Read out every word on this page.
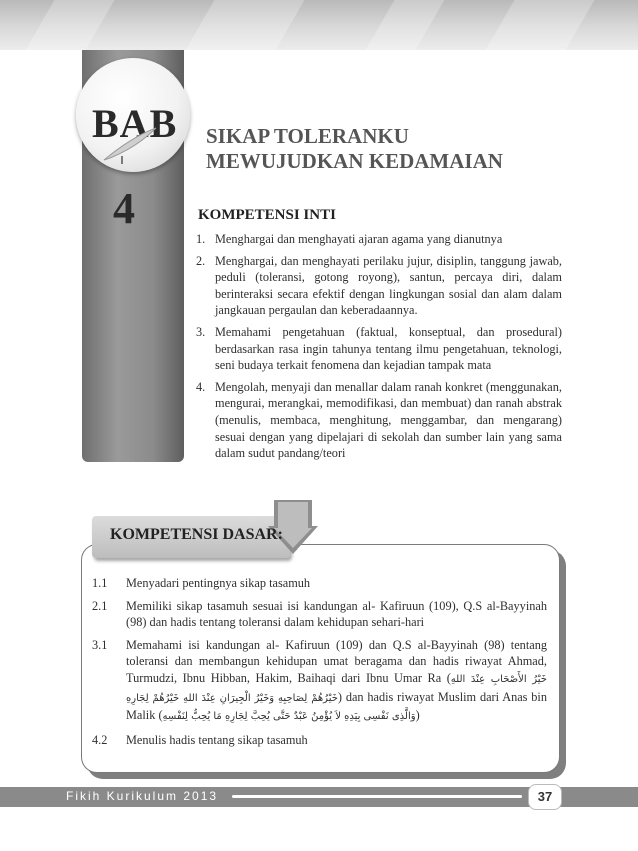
BAB
4
SIKAP TOLERANKU
MEWUJUDKAN KEDAMAIAN
KOMPETENSI INTI
1. Menghargai dan menghayati ajaran agama yang dianutnya
2. Menghargai, dan menghayati perilaku jujur, disiplin, tanggung jawab, peduli (toleransi, gotong royong), santun, percaya diri, dalam berinteraksi secara efektif dengan lingkungan sosial dan alam dalam jangkauan pergaulan dan keberadaannya.
3. Memahami pengetahuan (faktual, konseptual, dan prosedural) berdasarkan rasa ingin tahunya tentang ilmu pengetahuan, teknologi, seni budaya terkait fenomena dan kejadian tampak mata
4. Mengolah, menyaji dan menallar dalam ranah konkret (menggunakan, mengurai, merangkai, memodifikasi, dan membuat) dan ranah abstrak (menulis, membaca, menghitung, menggambar, dan mengarang) sesuai dengan yang dipelajari di sekolah dan sumber lain yang sama dalam sudut pandang/teori
KOMPETENSI DASAR:
1.1 Menyadari pentingnya sikap tasamuh
2.1 Memiliki sikap tasamuh sesuai isi kandungan al- Kafiruun (109), Q.S al-Bayyinah (98) dan hadis tentang toleransi dalam kehidupan sehari-hari
3.1 Memahami isi kandungan al- Kafiruun (109) dan Q.S al-Bayyinah (98) tentang toleransi dan membangun kehidupan umat beragama dan hadis riwayat Ahmad, Turmudzi, Ibnu Hibban, Hakim, Baihaqi dari Ibnu Umar Ra (خَيْرُ الأَصْحَابِ عِنْدَ اللهِ خَيْرُهُمْ لِصَاحِبِهِ وَخَيْرُ الْجِيرَانِ عِنْدَ اللهِ خَيْرُهُمْ لِجَارِهِ) dan hadis riwayat Muslim dari Anas bin Malik (وَالَّذِى نَفْسِى بِيَدِهِ لاَ يُؤْمِنُ عَبْدٌ حَتَّى يُحِبَّ لِجَارِهِ مَا يُحِبُّ لِنَفْسِهِ)
4.2 Menulis hadis tentang sikap tasamuh
Fikih Kurikulum 2013	37
